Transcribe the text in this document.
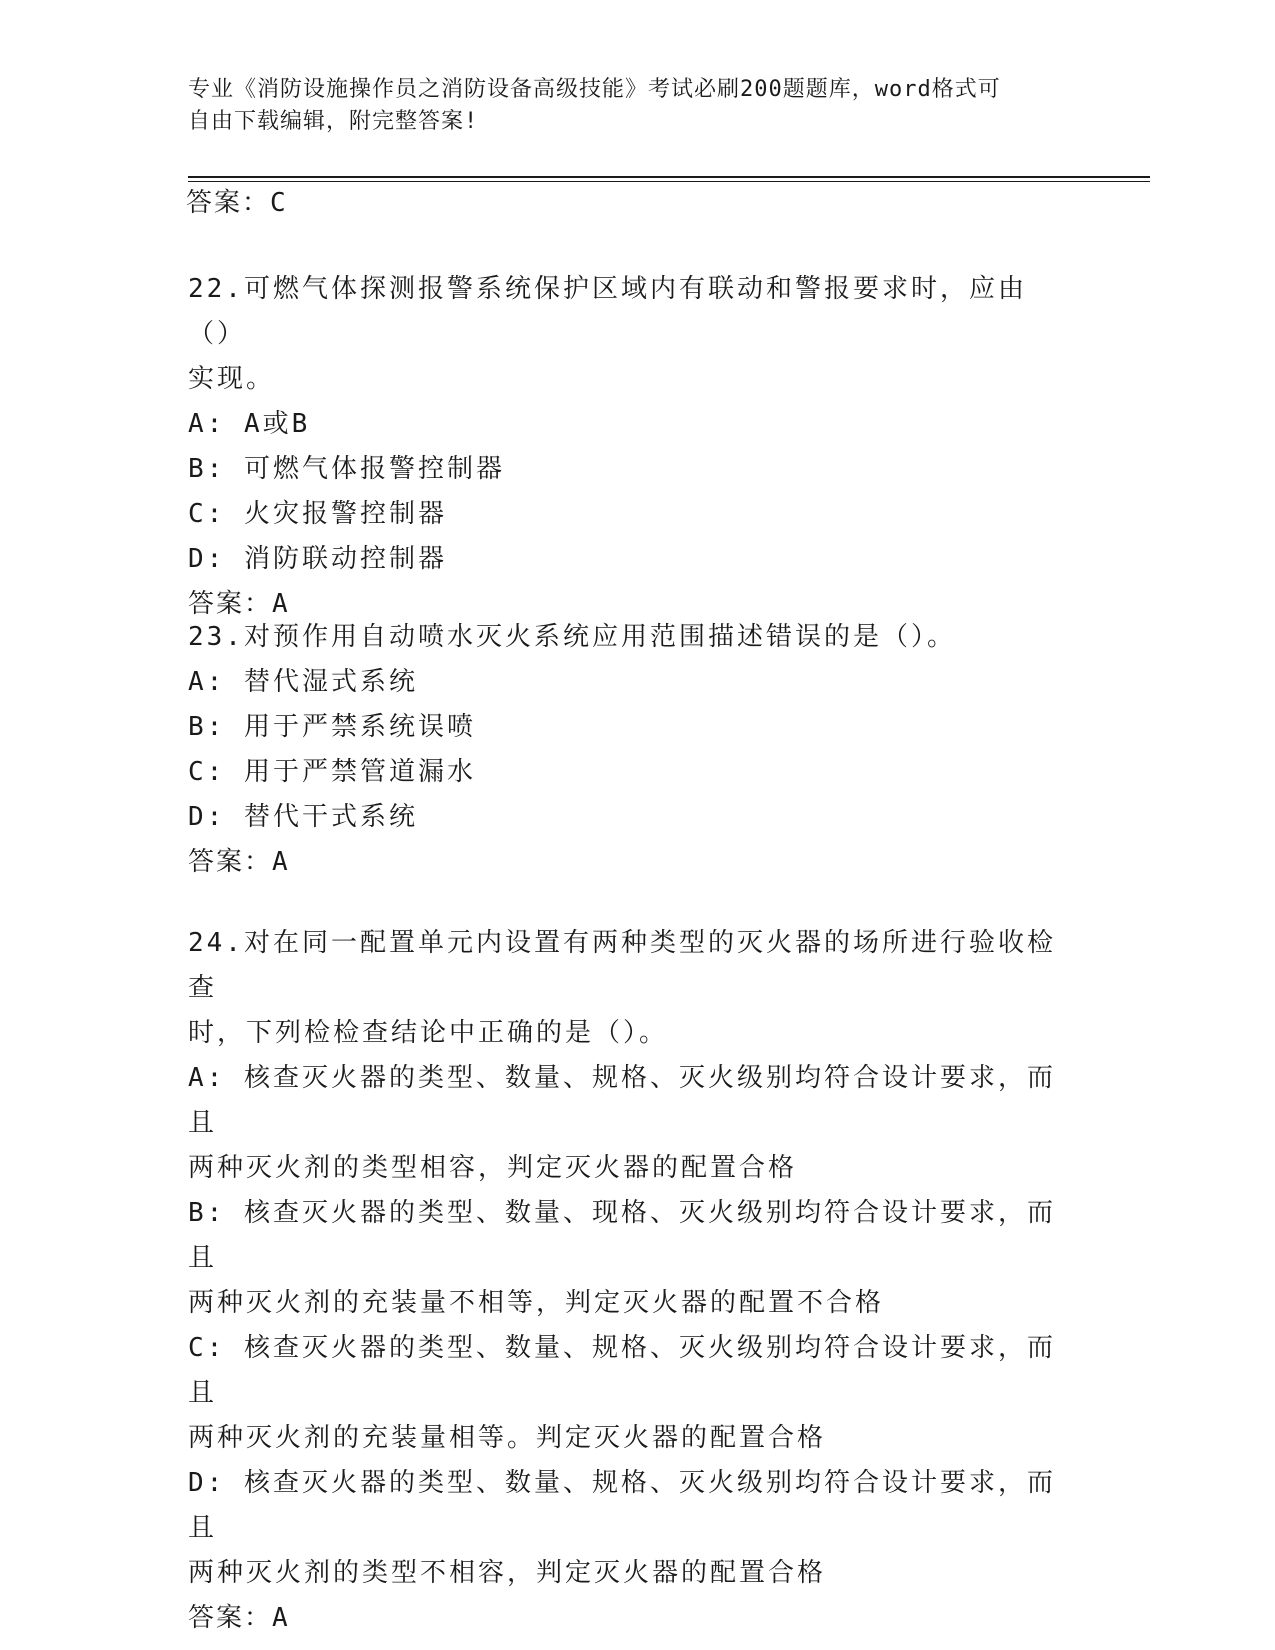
专业《消防设施操作员之消防设备高级技能》考试必刷200题题库，word格式可
自由下载编辑，附完整答案!
答案：C

22.可燃气体探测报警系统保护区域内有联动和警报要求时，应由（）

实现。

A: A或B

B: 可燃气体报警控制器

C: 火灾报警控制器

D: 消防联动控制器

答案：A

23.对预作用自动喷水灭火系统应用范围描述错误的是（）。

A: 替代湿式系统

B: 用于严禁系统误喷

C: 用于严禁管道漏水

D: 替代干式系统

答案：A

24.对在同一配置单元内设置有两种类型的灭火器的场所进行验收检查

时，下列检检查结论中正确的是（）。

A: 核查灭火器的类型、数量、规格、灭火级别均符合设计要求，而且

两种灭火剂的类型相容，判定灭火器的配置合格

B: 核查灭火器的类型、数量、现格、灭火级别均符合设计要求，而且

两种灭火剂的充装量不相等，判定灭火器的配置不合格

C: 核查灭火器的类型、数量、规格、灭火级别均符合设计要求，而且

两种灭火剂的充装量相等。判定灭火器的配置合格

D: 核查灭火器的类型、数量、规格、灭火级别均符合设计要求，而且

两种灭火剂的类型不相容，判定灭火器的配置合格

答案：A
